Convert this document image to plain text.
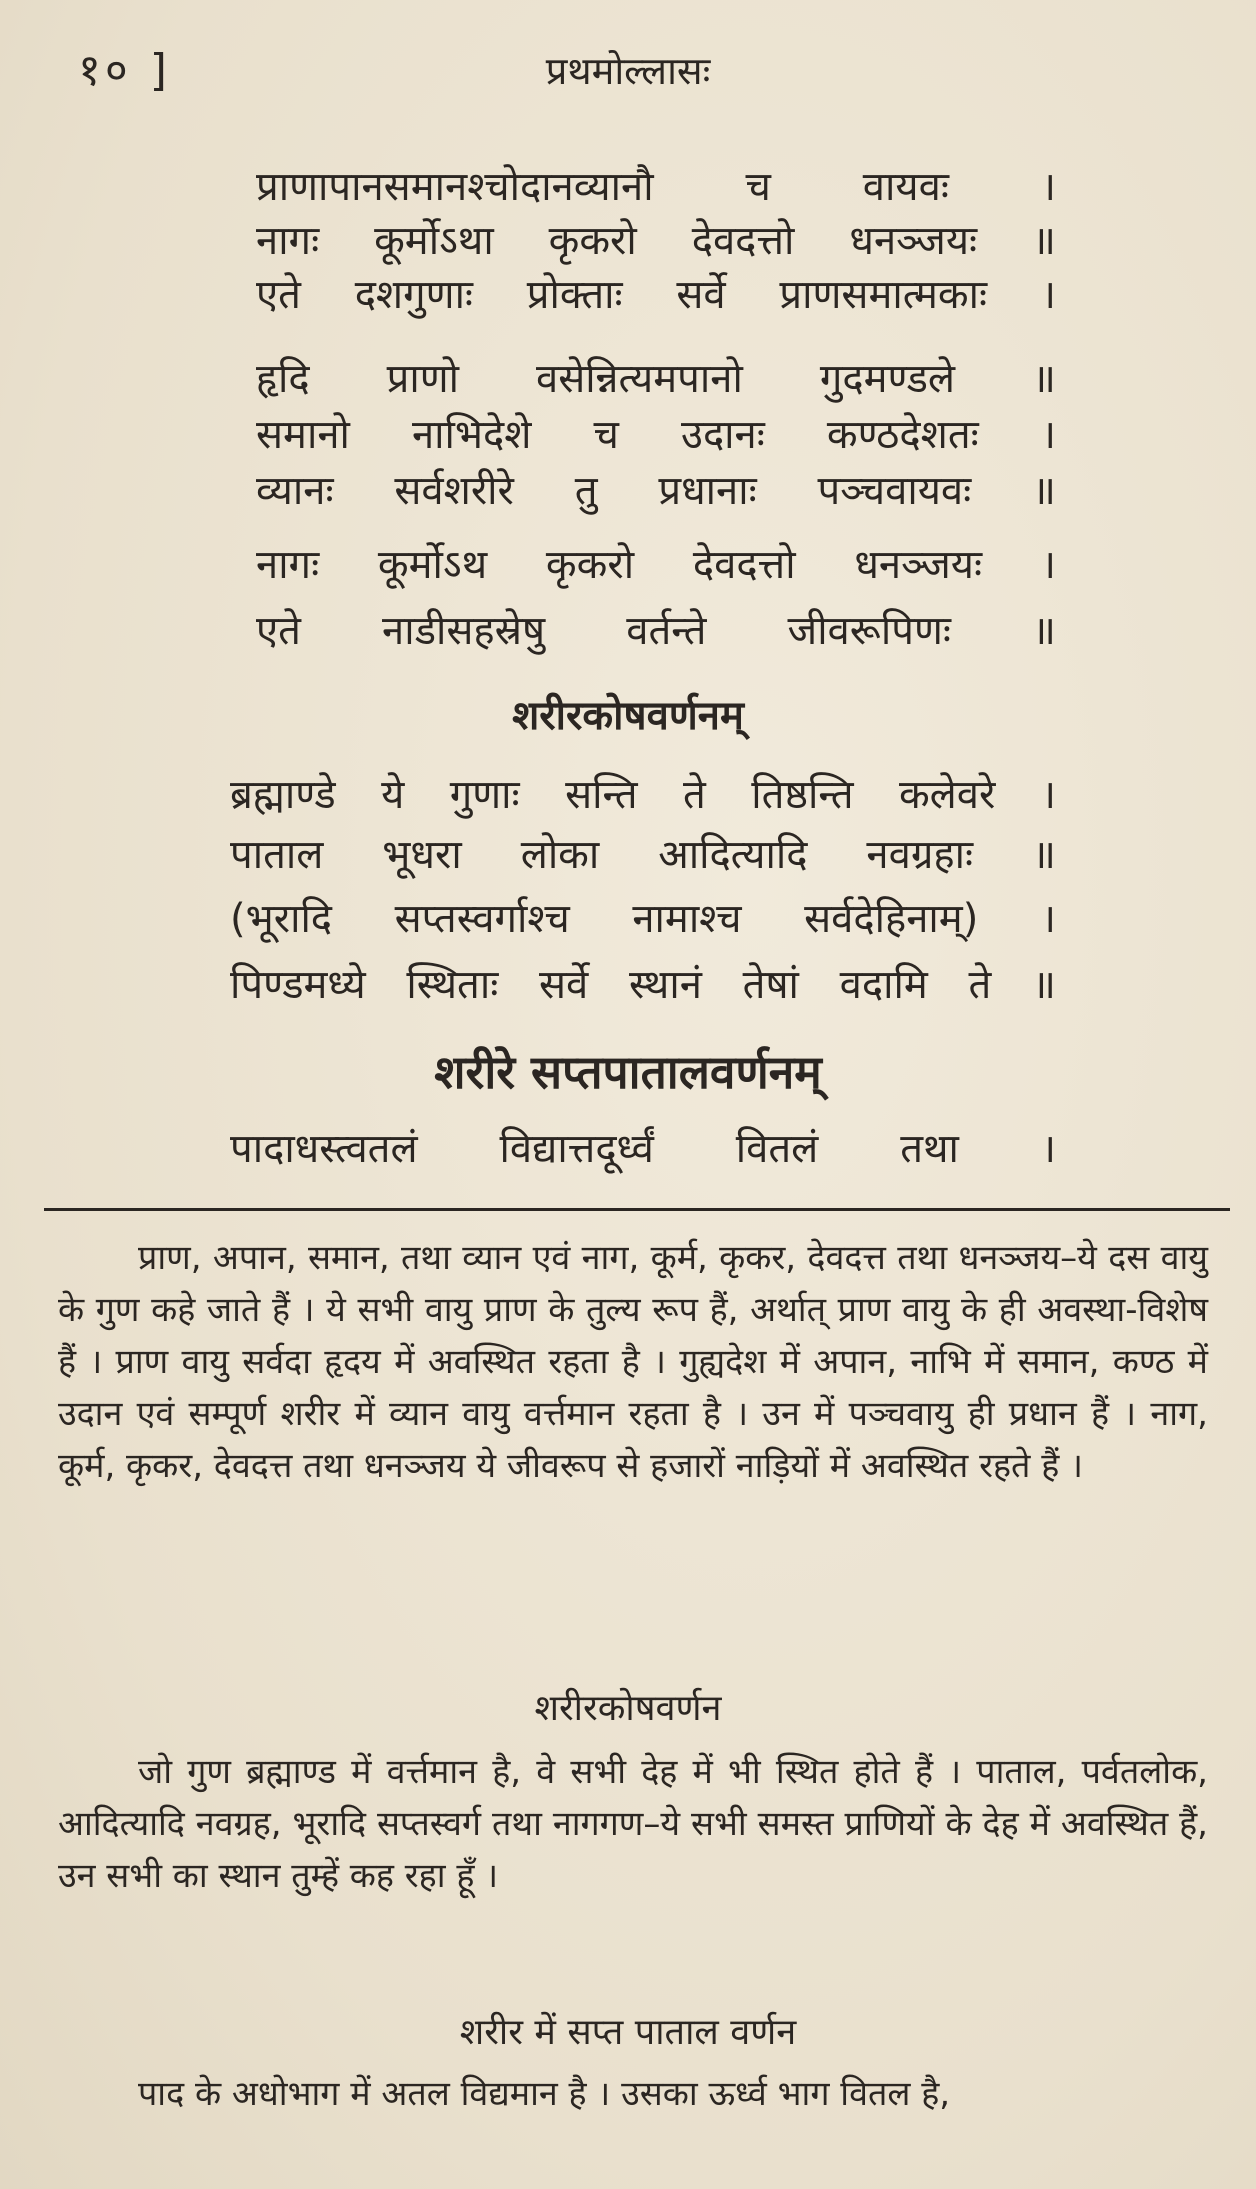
१० ]	प्रथमोल्लासः
प्राणापानसमानश्चोदानव्यानौ च वायवः ।
नागः कूर्मोऽथा कृकरो देवदत्तो धनञ्जयः ॥
एते दशगुणाः प्रोक्ताः सर्वे प्राणसमात्मकाः ।
हृदि प्राणो वसेन्नित्यमपानो गुदमण्डले ॥
समानो नाभिदेशे च उदानः कण्ठदेशतः ।
व्यानः सर्वशरीरे तु प्रधानाः पञ्चवायवः ॥
नागः कूर्मोऽथ कृकरो देवदत्तो धनञ्जयः ।
एते नाडीसहस्रेषु वर्तन्ते जीवरूपिणः ॥
शरीरकोषवर्णनम्
ब्रह्माण्डे ये गुणाः सन्ति ते तिष्ठन्ति कलेवरे ।
पाताल भूधरा लोका आदित्यादि नवग्रहाः ॥
(भूरादि सप्तस्वर्गाश्च नामाश्च सर्वदेहिनाम्) ।
पिण्डमध्ये स्थिताः सर्वे स्थानं तेषां वदामि ते ॥
शरीरे सप्तपातालवर्णनम्
पादाधस्त्वतलं विद्यात्तदूर्ध्वं वितलं तथा ।
प्राण, अपान, समान, तथा व्यान एवं नाग, कूर्म, कृकर, देवदत्त तथा धनञ्जय–ये दस वायु के गुण कहे जाते हैं । ये सभी वायु प्राण के तुल्य रूप हैं, अर्थात् प्राण वायु के ही अवस्था-विशेष हैं । प्राण वायु सर्वदा हृदय में अवस्थित रहता है । गुह्यदेश में अपान, नाभि में समान, कण्ठ में उदान एवं सम्पूर्ण शरीर में व्यान वायु वर्त्तमान रहता है । उन में पञ्चवायु ही प्रधान हैं । नाग, कूर्म, कृकर, देवदत्त तथा धनञ्जय ये जीवरूप से हजारों नाड़ियों में अवस्थित रहते हैं ।
शरीरकोषवर्णन
जो गुण ब्रह्माण्ड में वर्त्तमान है, वे सभी देह में भी स्थित होते हैं । पाताल, पर्वतलोक, आदित्यादि नवग्रह, भूरादि सप्तस्वर्ग तथा नागगण–ये सभी समस्त प्राणियों के देह में अवस्थित हैं, उन सभी का स्थान तुम्हें कह रहा हूँ ।
शरीर में सप्त पाताल वर्णन
पाद के अधोभाग में अतल विद्यमान है । उसका ऊर्ध्व भाग वितल है,
